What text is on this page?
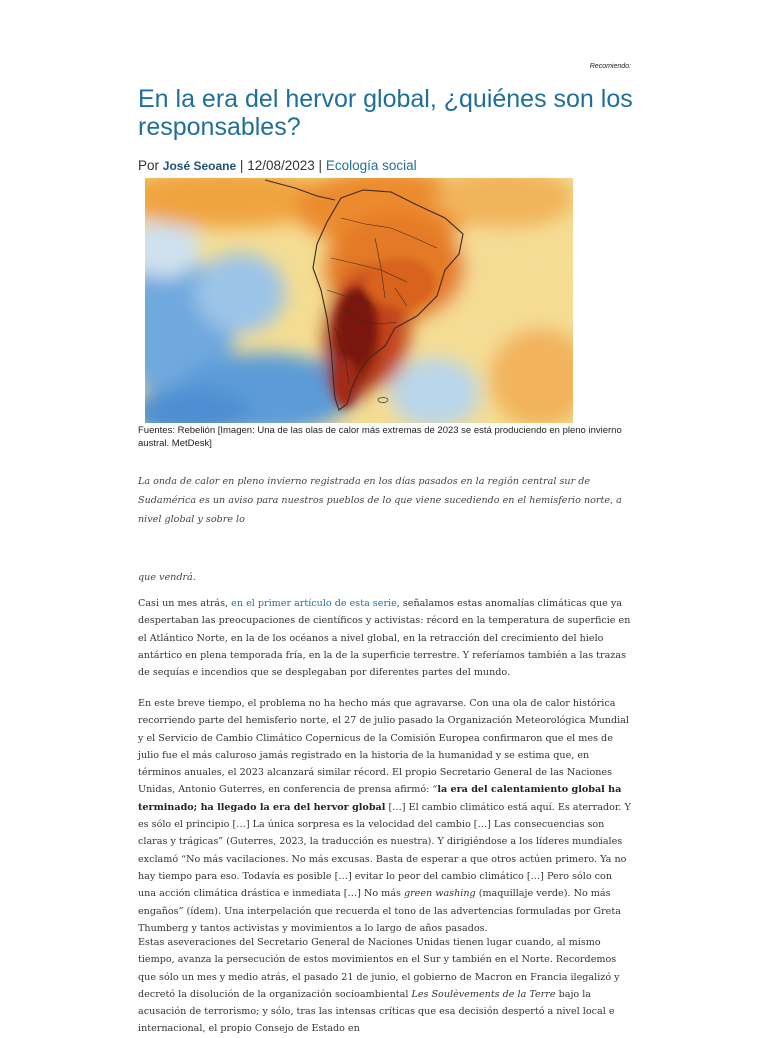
Recomiendo:
En la era del hervor global, ¿quiénes son los responsables?
Por José Seoane | 12/08/2023 | Ecología social
Fuentes: Rebelión [Imagen: Una de las olas de calor más extremas de 2023 se está produciendo en pleno invierno austral. MetDesk]

La onda de calor en pleno invierno registrada en los días pasados en la región central sur de Sudamérica es un aviso para nuestros pueblos de lo que viene sucediendo en el hemisferio norte, a nivel global y sobre lo

que vendrá.

Casi un mes atrás, en el primer artículo de esta serie, señalamos estas anomalías climáticas que ya despertaban las preocupaciones de científicos y activistas: récord en la temperatura de superficie en el Atlántico Norte, en la de los océanos a nivel global, en la retracción del crecimiento del hielo antártico en plena temporada fría, en la de la superficie terrestre. Y referíamos también a las trazas de sequías e incendios que se desplegaban por diferentes partes del mundo.

En este breve tiempo, el problema no ha hecho más que agravarse. Con una ola de calor histórica recorriendo parte del hemisferio norte, el 27 de julio pasado la Organización Meteorológica Mundial y el Servicio de Cambio Climático Copernicus de la Comisión Europea confirmaron que el mes de julio fue el más caluroso jamás registrado en la historia de la humanidad y se estima que, en términos anuales, el 2023 alcanzará similar récord. El propio Secretario General de las Naciones Unidas, Antonio Guterres, en conferencia de prensa afirmó: “la era del calentamiento global ha terminado; ha llegado la era del hervor global […] El cambio climático está aquí. Es aterrador. Y es sólo el principio […] La única sorpresa es la velocidad del cambio […] Las consecuencias son claras y trágicas” (Guterres, 2023, la traducción es nuestra). Y dirigiéndose a los líderes mundiales exclamó “No más vacilaciones. No más excusas. Basta de esperar a que otros actúen primero. Ya no hay tiempo para eso. Todavía es posible […] evitar lo peor del cambio climático […] Pero sólo con una acción climática drástica e inmediata […] No más green washing (maquillaje verde). No más engaños” (ídem). Una interpelación que recuerda el tono de las advertencias formuladas por Greta Thumberg y tantos activistas y movimientos a lo largo de años pasados.

Estas aseveraciones del Secretario General de Naciones Unidas tienen lugar cuando, al mismo tiempo, avanza la persecución de estos movimientos en el Sur y también en el Norte. Recordemos que sólo un mes y medio atrás, el pasado 21 de junio, el gobierno de Macron en Francia ilegalizó y decretó la disolución de la organización socioambiental Les Soulèvements de la Terre bajo la acusación de terrorismo; y sólo, tras las intensas críticas que esa decisión despertó a nivel local e internacional, el propio Consejo de Estado en
